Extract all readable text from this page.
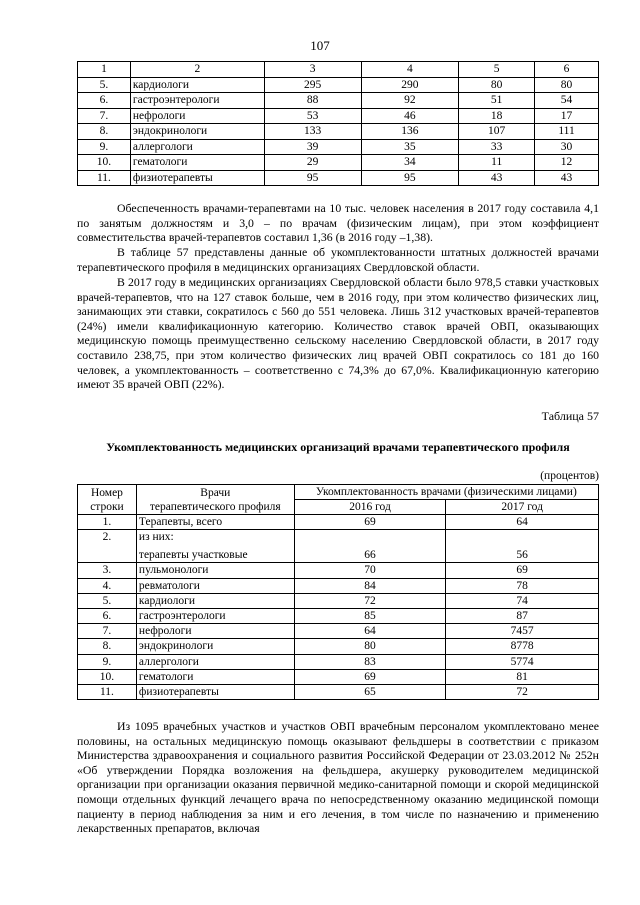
107
1	2	3	4	5	6
5.	кардиологи	295	290	80	80
6.	гастроэнтерологи	88	92	51	54
7.	нефрологи	53	46	18	17
8.	эндокринологи	133	136	107	111
9.	аллергологи	39	35	33	30
10.	гематологи	29	34	11	12
11.	физиотерапевты	95	95	43	43

Обеспеченность врачами-терапевтами на 10 тыс. человек населения в 2017 году составила 4,1 по занятым должностям и 3,0 – по врачам (физическим лицам), при этом коэффициент совместительства врачей-терапевтов составил 1,36 (в 2016 году –1,38).

В таблице 57 представлены данные об укомплектованности штатных должностей врачами терапевтического профиля в медицинских организациях Свердловской области.

В 2017 году в медицинских организациях Свердловской области было 978,5 ставки участковых врачей-терапевтов, что на 127 ставок больше, чем в 2016 году, при этом количество физических лиц, занимающих эти ставки, сократилось с 560 до 551 человека. Лишь 312 участковых врачей-терапевтов (24%) имели квалификационную категорию. Количество ставок врачей ОВП, оказывающих медицинскую помощь преимущественно сельскому населению Свердловской области, в 2017 году составило 238,75, при этом количество физических лиц врачей ОВП сократилось со 181 до 160 человек, а укомплектованность – соответственно с 74,3% до 67,0%. Квалификационную категорию имеют 35 врачей ОВП (22%).

Таблица 57
Укомплектованность медицинских организаций врачами терапевтического профиля
(процентов)
Номер
строки	Врачи
терапевтического профиля	Укомплектованность врачами (физическими лицами)	
		2016 год	2017 год
1.	Терапевты, всего	69	64
2.	из них:
терапевты участковые	66	56
3.	пульмонологи	70	69
4.	ревматологи	84	78
5.	кардиологи	72	74
6.	гастроэнтерологи	85	87
7.	нефрологи	64	7457
8.	эндокринологи	80	8778
9.	аллергологи	83	5774
10.	гематологи	69	81
11.	физиотерапевты	65	72

Из 1095 врачебных участков и участков ОВП врачебным персоналом укомплектовано менее половины, на остальных медицинскую помощь оказывают фельдшеры в соответствии с приказом Министерства здравоохранения и социального развития Российской Федерации от 23.03.2012 № 252н «Об утверждении Порядка возложения на фельдшера, акушерку руководителем медицинской организации при организации оказания первичной медико-санитарной помощи и скорой медицинской помощи отдельных функций лечащего врача по непосредственному оказанию медицинской помощи пациенту в период наблюдения за ним и его лечения, в том числе по назначению и применению лекарственных препаратов, включая
